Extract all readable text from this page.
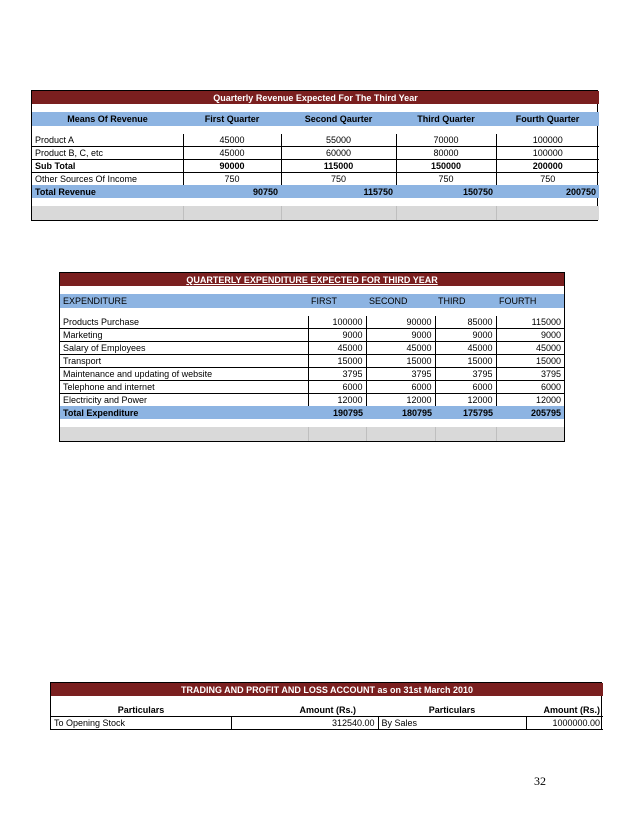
Quarterly Revenue Expected For The Third Year				

Means Of Revenue	First Quarter	Second Qaurter	Third Quarter	Fourth Quarter

Product A	45000	55000	70000	100000
Product B, C, etc	45000	60000	80000	100000
Sub Total	90000	115000	150000	200000
Other Sources Of Income	750	750	750	750
Total Revenue	90750	115750	150750	200750

QUARTERLY EXPENDITURE EXPECTED FOR THIRD YEAR				

EXPENDITURE	FIRST	SECOND	THIRD	FOURTH

Products Purchase	100000	90000	85000	115000
Marketing	9000	9000	9000	9000
Salary of Employees	45000	45000	45000	45000
Transport	15000	15000	15000	15000
Maintenance and updating of website	3795	3795	3795	3795
Telephone and internet	6000	6000	6000	6000
Electricity and Power	12000	12000	12000	12000
Total Expenditure	190795	180795	175795	205795

TRADING AND PROFIT AND LOSS ACCOUNT as on 31st March 2010			

Particulars	Amount (Rs.)	Particulars	Amount (Rs.)
To Opening Stock	312540.00	By Sales	1000000.00
32
